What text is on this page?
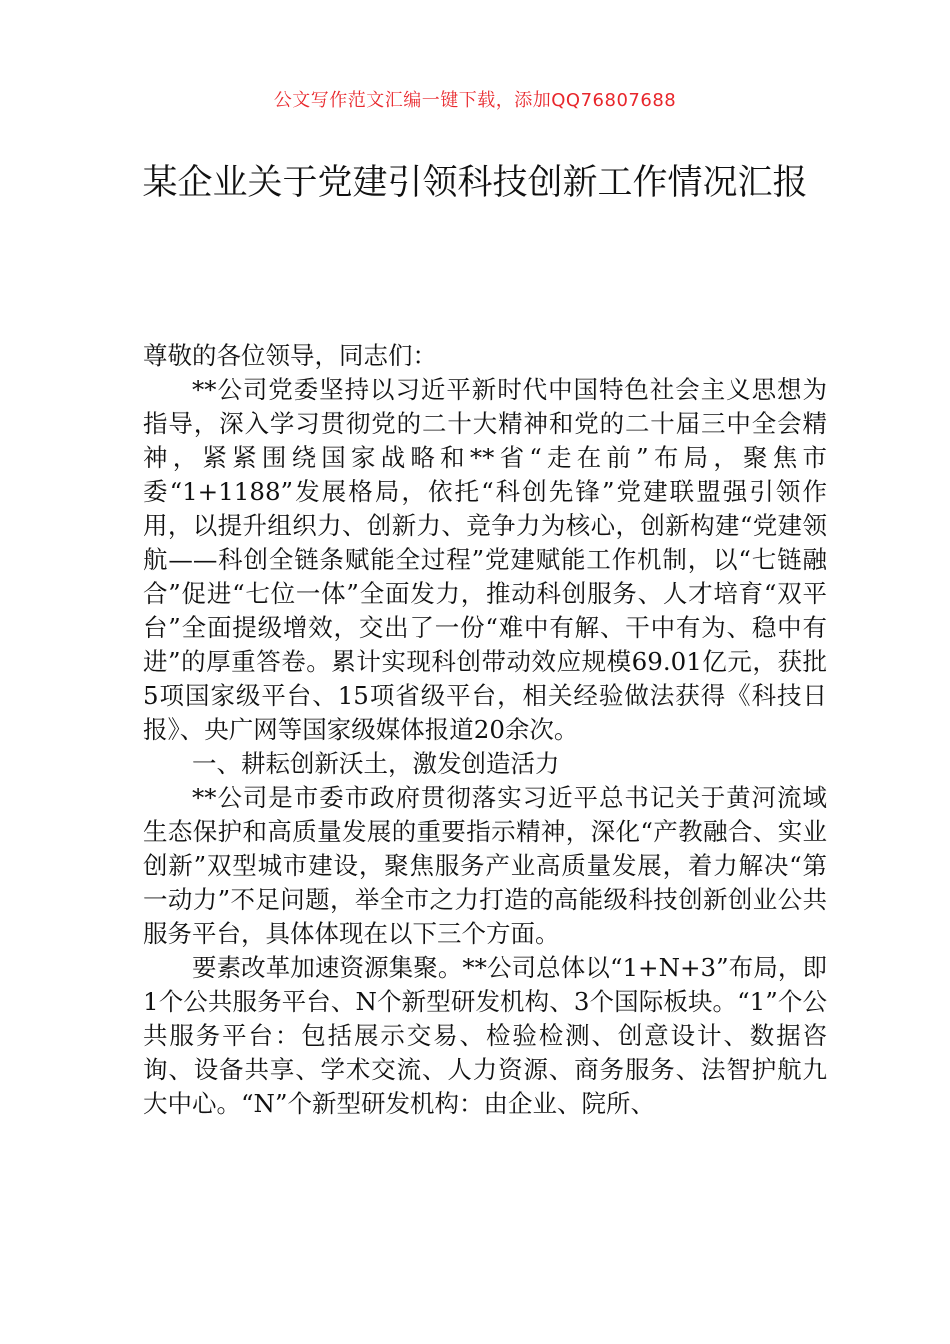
公文写作范文汇编一键下载，添加QQ76807688
某企业关于党建引领科技创新工作情况汇报

尊敬的各位领导，同志们：

**公司党委坚持以习近平新时代中国特色社会主义思想为指导，深入学习贯彻党的二十大精神和党的二十届三中全会精神，紧紧围绕国家战略和**省“走在前”布局，聚焦市委“1+1188”发展格局，依托“科创先锋”党建联盟强引领作用，以提升组织力、创新力、竞争力为核心，创新构建“党建领航——科创全链条赋能全过程”党建赋能工作机制，以“七链融合”促进“七位一体”全面发力，推动科创服务、人才培育“双平台”全面提级增效，交出了一份“难中有解、干中有为、稳中有进”的厚重答卷。累计实现科创带动效应规模69.01亿元，获批5项国家级平台、15项省级平台，相关经验做法获得《科技日报》、央广网等国家级媒体报道20余次。

一、耕耘创新沃土，激发创造活力

**公司是市委市政府贯彻落实习近平总书记关于黄河流域生态保护和高质量发展的重要指示精神，深化“产教融合、实业创新”双型城市建设，聚焦服务产业高质量发展，着力解决“第一动力”不足问题，举全市之力打造的高能级科技创新创业公共服务平台，具体体现在以下三个方面。

要素改革加速资源集聚。**公司总体以“1+N+3”布局，即1个公共服务平台、N个新型研发机构、3个国际板块。“1”个公共服务平台：包括展示交易、检验检测、创意设计、数据咨询、设备共享、学术交流、人力资源、商务服务、法智护航九大中心。“N”个新型研发机构：由企业、院所、
